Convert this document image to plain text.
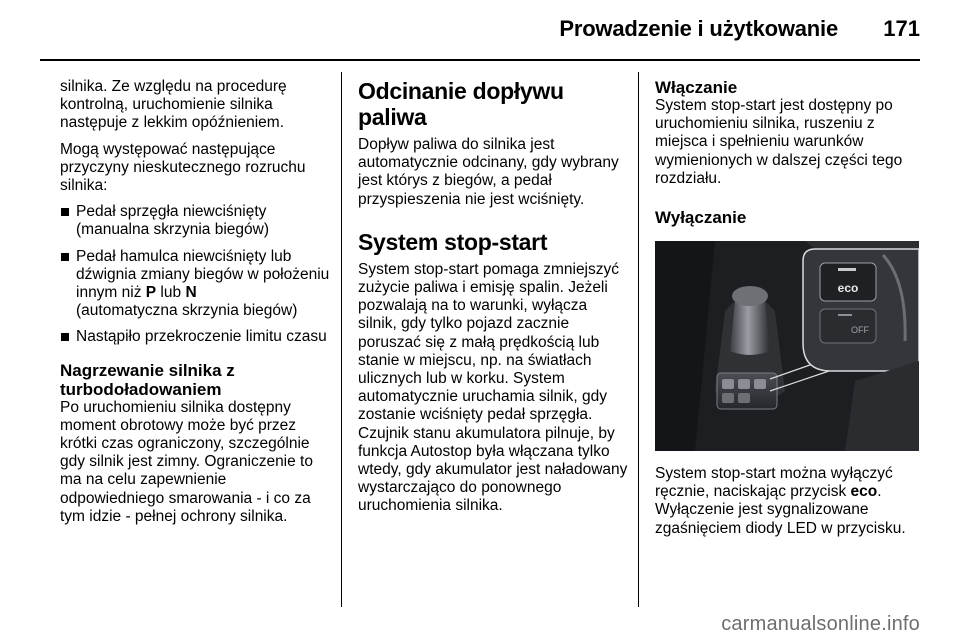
Prowadzenie i użytkowanie 171

silnika. Ze względu na procedurę kontrolną, uruchomienie silnika następuje z lekkim opóźnieniem.

Mogą występować następujące przyczyny nieskutecznego rozruchu silnika:

Pedał sprzęgła niewciśnięty (manualna skrzynia biegów)
Pedał hamulca niewciśnięty lub dźwignia zmiany biegów w położeniu innym niż P lub N
(automatyczna skrzynia biegów)
Nastąpiło przekroczenie limitu czasu
Nagrzewanie silnika z turbodoładowaniem

Po uruchomieniu silnika dostępny moment obrotowy może być przez krótki czas ograniczony, szczególnie gdy silnik jest zimny. Ograniczenie to ma na celu zapewnienie odpowiedniego smarowania - i co za tym idzie - pełnej ochrony silnika.

Odcinanie dopływu paliwa

Dopływ paliwa do silnika jest automatycznie odcinany, gdy wybrany jest którys z biegów, a pedał przyspieszenia nie jest wciśnięty.

System stop-start

System stop-start pomaga zmniejszyć zużycie paliwa i emisję spalin. Jeżeli pozwalają na to warunki, wyłącza silnik, gdy tylko pojazd zacznie poruszać się z małą prędkością lub stanie w miejscu, np. na światłach ulicznych lub w korku. System automatycznie uruchamia silnik, gdy zostanie wciśnięty pedał sprzęgła. Czujnik stanu akumulatora pilnuje, by funkcja Autostop była włączana tylko wtedy, gdy akumulator jest naładowany wystarczająco do ponownego uruchomienia silnika.

Włączanie

System stop-start jest dostępny po uruchomieniu silnika, ruszeniu z miejsca i spełnieniu warunków wymienionych w dalszej części tego rozdziału.

Wyłączanie
eco
OFF

System stop-start można wyłączyć ręcznie, naciskając przycisk eco. Wyłączenie jest sygnalizowane zgaśnięciem diody LED w przycisku.

carmanualsonline.info
